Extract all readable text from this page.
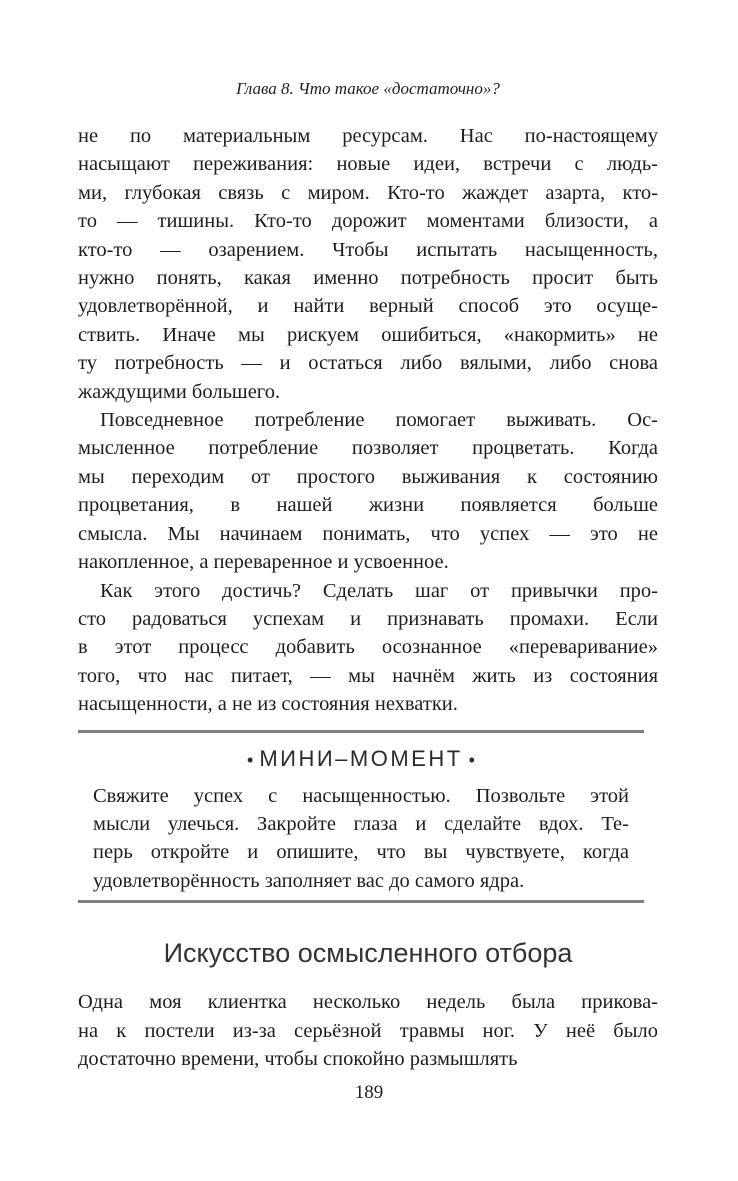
Глава 8. Что такое «достаточно»?
не по материальным ресурсам. Нас по-настоящему
насыщают переживания: новые идеи, встречи с людь-
ми, глубокая связь с миром. Кто-то жаждет азарта, кто-
то — тишины. Кто-то дорожит моментами близости, а
кто-то — озарением. Чтобы испытать насыщенность,
нужно понять, какая именно потребность просит быть
удовлетворённой, и найти верный способ это осуще-
ствить. Иначе мы рискуем ошибиться, «накормить» не
ту потребность — и остаться либо вялыми, либо снова
жаждущими большего.
Повседневное потребление помогает выживать. Ос-
мысленное потребление позволяет процветать. Когда
мы переходим от простого выживания к состоянию
процветания, в нашей жизни появляется больше
смысла. Мы начинаем понимать, что успех — это не
накопленное, а переваренное и усвоенное.
Как этого достичь? Сделать шаг от привычки про-
сто радоваться успехам и признавать промахи. Если
в этот процесс добавить осознанное «переваривание»
того, что нас питает, — мы начнём жить из состояния
насыщенности, а не из состояния нехватки.
• МИНИ–МОМЕНТ •
Свяжите успех с насыщенностью. Позвольте этой
мысли улечься. Закройте глаза и сделайте вдох. Те-
перь откройте и опишите, что вы чувствуете, когда
удовлетворённость заполняет вас до самого ядра.
Искусство осмысленного отбора
Одна моя клиентка несколько недель была прикова-
на к постели из-за серьёзной травмы ног. У неё было
достаточно времени, чтобы спокойно размышлять
189
